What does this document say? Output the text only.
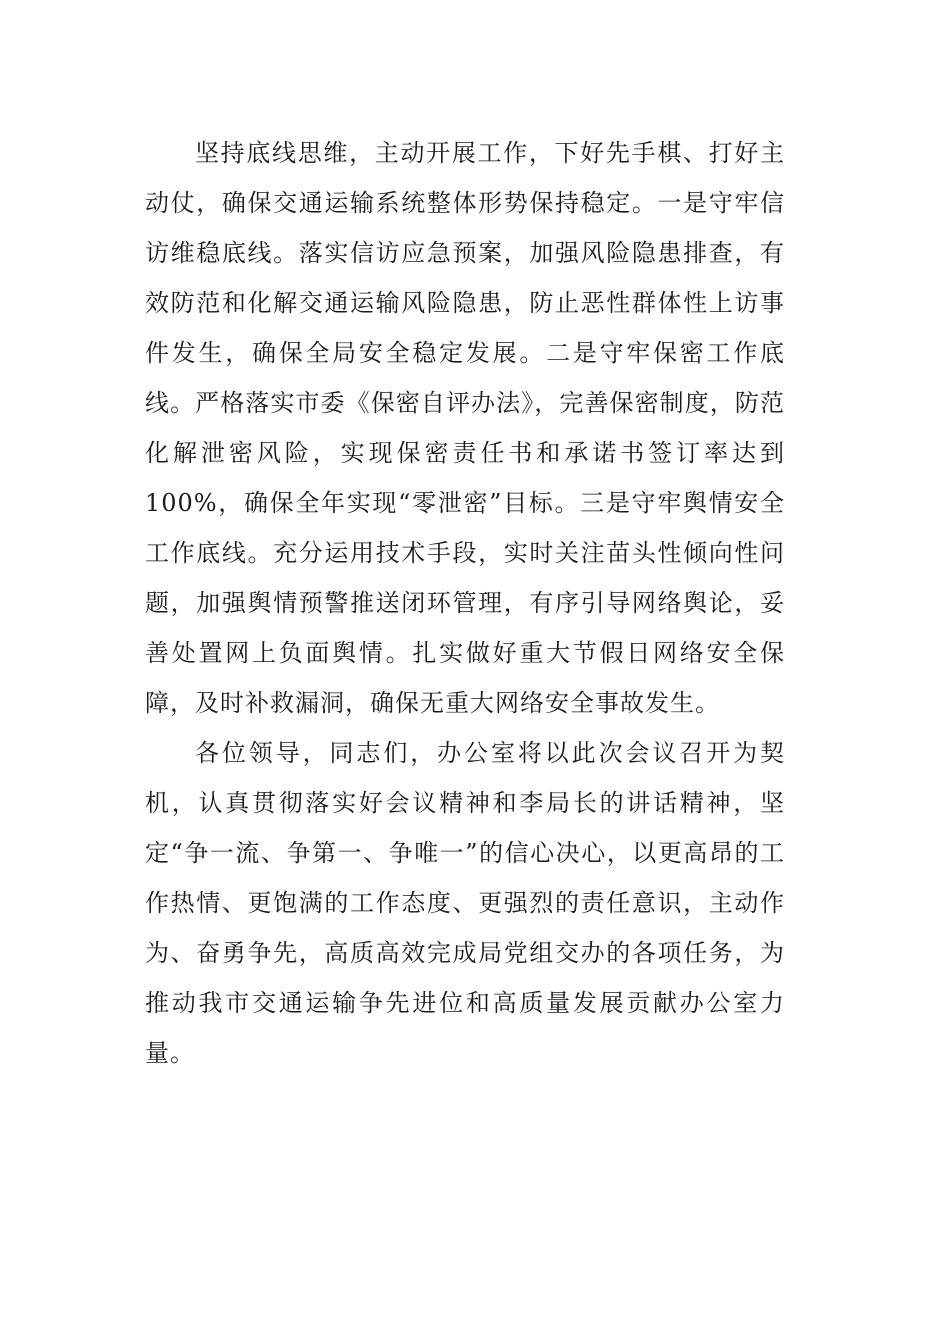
坚持底线思维，主动开展工作，下好先手棋、打好主动仗，确保交通运输系统整体形势保持稳定。一是守牢信访维稳底线。落实信访应急预案，加强风险隐患排查，有效防范和化解交通运输风险隐患，防止恶性群体性上访事件发生，确保全局安全稳定发展。二是守牢保密工作底线。严格落实市委《保密自评办法》，完善保密制度，防范化解泄密风险，实现保密责任书和承诺书签订率达到100%，确保全年实现“零泄密”目标。三是守牢舆情安全工作底线。充分运用技术手段，实时关注苗头性倾向性问题，加强舆情预警推送闭环管理，有序引导网络舆论，妥善处置网上负面舆情。扎实做好重大节假日网络安全保障，及时补救漏洞，确保无重大网络安全事故发生。

各位领导，同志们，办公室将以此次会议召开为契机，认真贯彻落实好会议精神和李局长的讲话精神，坚定“争一流、争第一、争唯一”的信心决心，以更高昂的工作热情、更饱满的工作态度、更强烈的责任意识，主动作为、奋勇争先，高质高效完成局党组交办的各项任务，为推动我市交通运输争先进位和高质量发展贡献办公室力量。
